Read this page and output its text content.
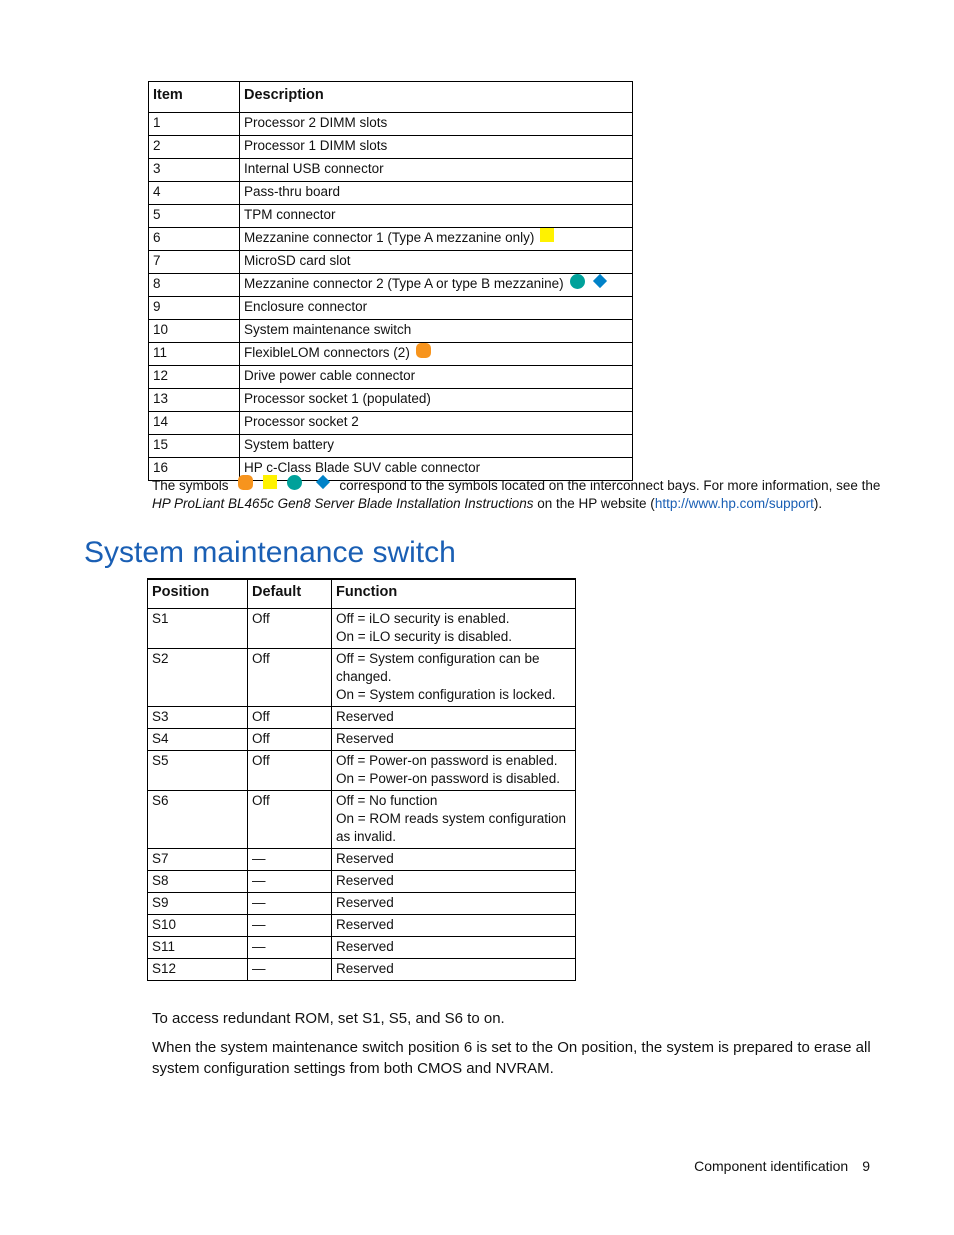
Item	Description
1	Processor 2 DIMM slots
2	Processor 1 DIMM slots
3	Internal USB connector
4	Pass-thru board
5	TPM connector
6	Mezzanine connector 1 (Type A mezzanine only)
7	MicroSD card slot
8	Mezzanine connector 2 (Type A or type B mezzanine)
9	Enclosure connector
10	System maintenance switch
11	FlexibleLOM connectors (2)
12	Drive power cable connector
13	Processor socket 1 (populated)
14	Processor socket 2
15	System battery
16	HP c-Class Blade SUV cable connector
The symbols	correspond to the symbols located on the interconnect bays. For more information, see the HP ProLiant BL465c Gen8 Server Blade Installation Instructions on the HP website (http://www.hp.com/support).
System maintenance switch
Position	Default	Function
S1	Off	Off = iLO security is enabled.
On = iLO security is disabled.

S2	Off	Off = System configuration can be changed.
On = System configuration is locked.

S3	Off	Reserved

S4	Off	Reserved

S5	Off	Off = Power-on password is enabled.
On = Power-on password is disabled.

S6	Off	Off = No function
On = ROM reads system configuration as invalid.

S7	—	Reserved

S8	—	Reserved

S9	—	Reserved

S10	—	Reserved

S11	—	Reserved

S12	—	Reserved

To access redundant ROM, set S1, S5, and S6 to on.

When the system maintenance switch position 6 is set to the On position, the system is prepared to erase all system configuration settings from both CMOS and NVRAM.

Component identification 9
